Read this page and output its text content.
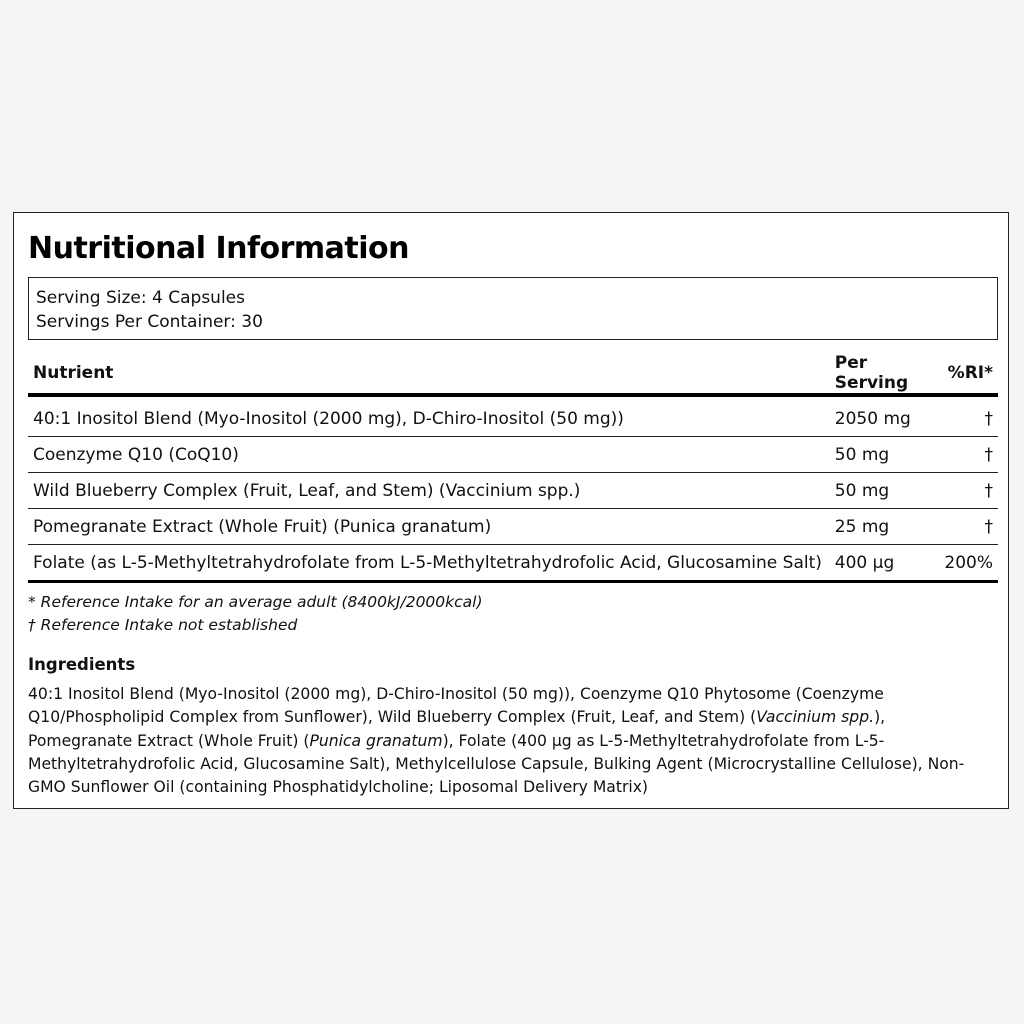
Nutritional Information
Serving Size: 4 Capsules
Servings Per Container: 30
Nutrient	Per Serving	%RI*
40:1 Inositol Blend (Myo-Inositol (2000 mg), D-Chiro-Inositol (50 mg))	2050 mg	†
Coenzyme Q10 (CoQ10)	50 mg	†
Wild Blueberry Complex (Fruit, Leaf, and Stem) (Vaccinium spp.)	50 mg	†
Pomegranate Extract (Whole Fruit) (Punica granatum)	25 mg	†
Folate (as L-5-Methyltetrahydrofolate from L-5-Methyltetrahydrofolic Acid, Glucosamine Salt)	400 µg	200%
* Reference Intake for an average adult (8400kJ/2000kcal)
† Reference Intake not established
Ingredients

40:1 Inositol Blend (Myo-Inositol (2000 mg), D-Chiro-Inositol (50 mg)), Coenzyme Q10 Phytosome (Coenzyme Q10/Phospholipid Complex from Sunflower), Wild Blueberry Complex (Fruit, Leaf, and Stem) (Vaccinium spp.), Pomegranate Extract (Whole Fruit) (Punica granatum), Folate (400 µg as L-5-Methyltetrahydrofolate from L-5-Methyltetrahydrofolic Acid, Glucosamine Salt), Methylcellulose Capsule, Bulking Agent (Microcrystalline Cellulose), Non-GMO Sunflower Oil (containing Phosphatidylcholine; Liposomal Delivery Matrix)
